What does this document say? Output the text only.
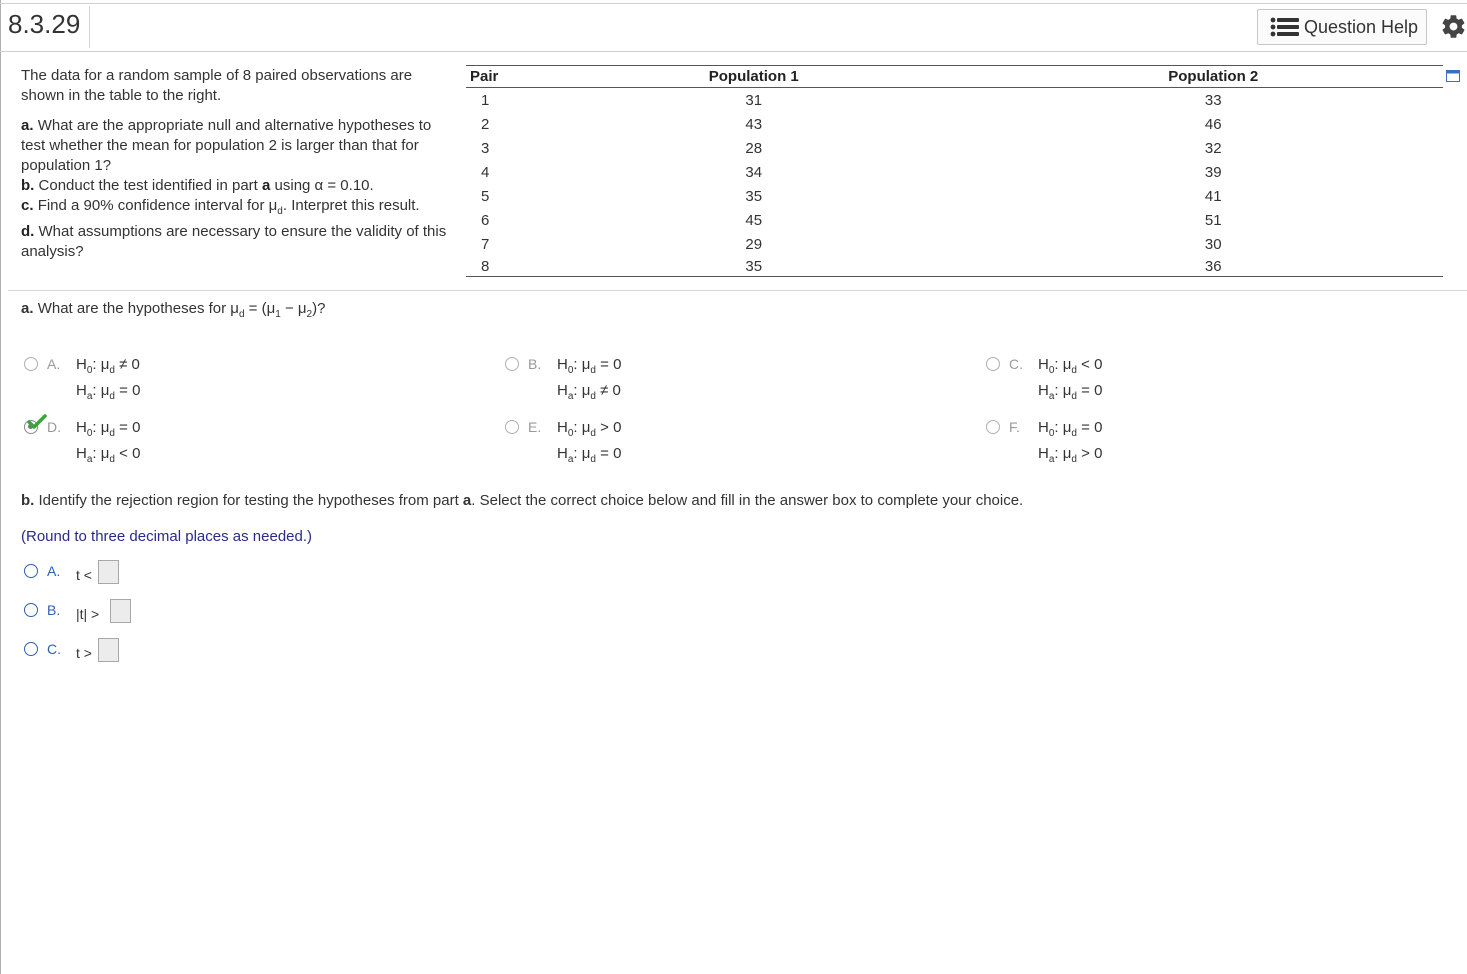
8.3.29	Question Help

The data for a random sample of 8 paired observations are shown in the table to the right.

a. What are the appropriate null and alternative hypotheses to test whether the mean for population 2 is larger than that for population 1?

b. Conduct the test identified in part a using α = 0.10.

c. Find a 90% confidence interval for $\mu_d$. Interpret this result.

d. What assumptions are necessary to ensure the validity of this analysis?

Pair	Population 1	Population 2
1	31	33
2	43	46
3	28	32
4	34	39
5	35	41
6	45	51
7	29	30
8	35	36
a. What are the hypotheses for $\mu_d = (\mu_1 - \mu_2)$?
A. $H_0$: $\mu_d \ne 0$
$H_a$: $\mu_d = 0$
B. $H_0$: $\mu_d = 0$
$H_a$: $\mu_d \ne 0$
C. $H_0$: $\mu_d < 0$
$H_a$: $\mu_d = 0$
D. $H_0$: $\mu_d = 0$
$H_a$: $\mu_d < 0$
E. $H_0$: $\mu_d > 0$
$H_a$: $\mu_d = 0$
F. $H_0$: $\mu_d = 0$
$H_a$: $\mu_d > 0$
b. Identify the rejection region for testing the hypotheses from part a. Select the correct choice below and fill in the answer box to complete your choice.
(Round to three decimal places as needed.)
A. t <
B. |t| >
C. t >
